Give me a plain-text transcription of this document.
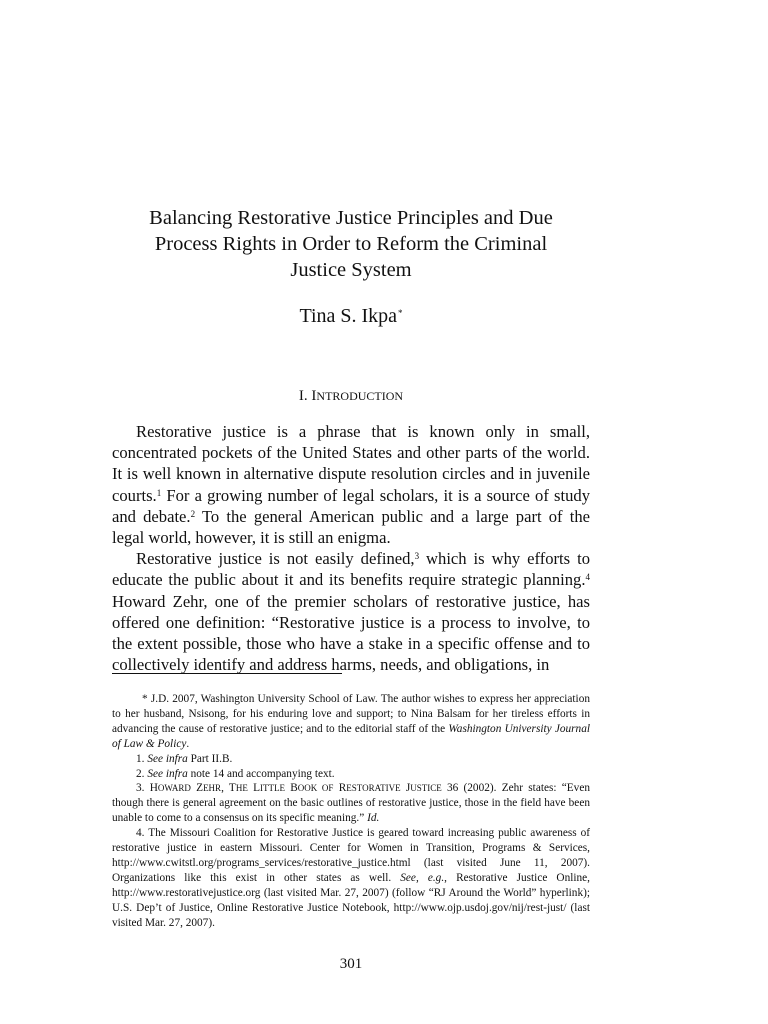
Balancing Restorative Justice Principles and Due
Process Rights in Order to Reform the Criminal
Justice System
Tina S. Ikpa*
I. INTRODUCTION

Restorative justice is a phrase that is known only in small, concentrated pockets of the United States and other parts of the world. It is well known in alternative dispute resolution circles and in juvenile courts.$^1$ For a growing number of legal scholars, it is a source of study and debate.$^2$ To the general American public and a large part of the legal world, however, it is still an enigma.

Restorative justice is not easily defined,$^3$ which is why efforts to educate the public about it and its benefits require strategic planning.$^4$ Howard Zehr, one of the premier scholars of restorative justice, has offered one definition: “Restorative justice is a process to involve, to the extent possible, those who have a stake in a specific offense and to collectively identify and address harms, needs, and obligations, in

* J.D. 2007, Washington University School of Law. The author wishes to express her appreciation to her husband, Nsisong, for his enduring love and support; to Nina Balsam for her tireless efforts in advancing the cause of restorative justice; and to the editorial staff of the Washington University Journal of Law & Policy.

1. See infra Part II.B.

2. See infra note 14 and accompanying text.

3. HOWARD ZEHR, THE LITTLE BOOK OF RESTORATIVE JUSTICE 36 (2002). Zehr states: “Even though there is general agreement on the basic outlines of restorative justice, those in the field have been unable to come to a consensus on its specific meaning.” Id.

4. The Missouri Coalition for Restorative Justice is geared toward increasing public awareness of restorative justice in eastern Missouri. Center for Women in Transition, Programs & Services, http://www.cwitstl.org/programs_services/restorative_justice.html (last visited June 11, 2007). Organizations like this exist in other states as well. See, e.g., Restorative Justice Online, http://www.restorativejustice.org (last visited Mar. 27, 2007) (follow “RJ Around the World” hyperlink); U.S. Dep’t of Justice, Online Restorative Justice Notebook, http://www.ojp.usdoj.gov/nij/rest-just/ (last visited Mar. 27, 2007).

301
